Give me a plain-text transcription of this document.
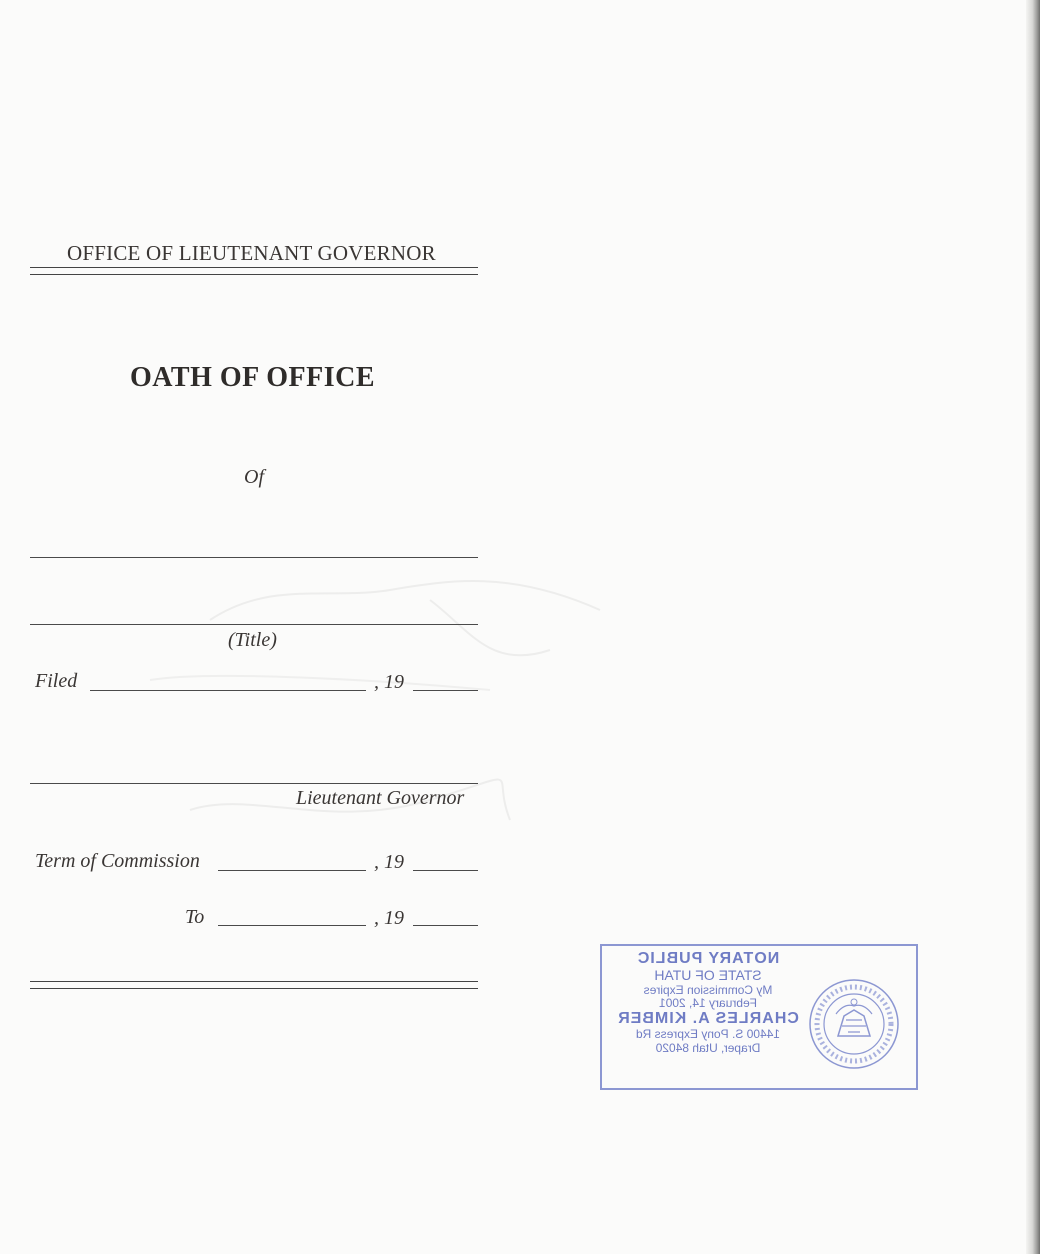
OFFICE OF LIEUTENANT GOVERNOR
OATH OF OFFICE
Of
(Title)
Filed	, 19
Lieutenant Governor
Term of Commission	, 19
To	, 19
NOTARY PUBLIC
STATE OF UTAH
My Commission Expires
February 14, 2001
CHARLES A. KIMBER
14400 S. Pony Express Rd
Draper, Utah 84020
